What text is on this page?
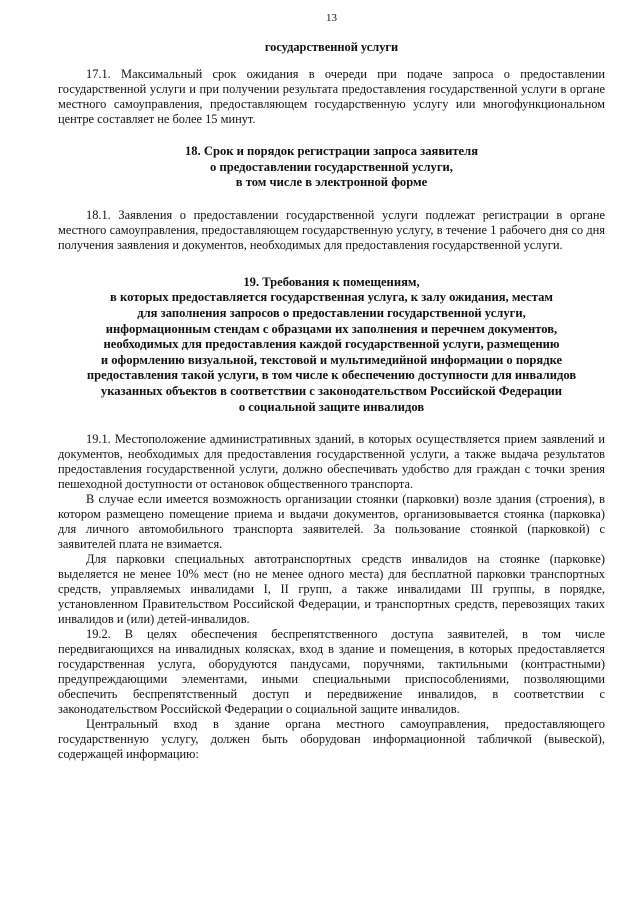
13
государственной услуги

17.1. Максимальный срок ожидания в очереди при подаче запроса о предоставлении государственной услуги и при получении результата предоставления государственной услуги в органе местного самоуправления, предоставляющем государственную услугу или многофункциональном центре составляет не более 15 минут.

18. Срок и порядок регистрации запроса заявителя
о предоставлении государственной услуги,
в том числе в электронной форме

18.1. Заявления о предоставлении государственной услуги подлежат регистрации в органе местного самоуправления, предоставляющем государственную услугу, в течение 1 рабочего дня со дня получения заявления и документов, необходимых для предоставления государственной услуги.

19. Требования к помещениям,
в которых предоставляется государственная услуга, к залу ожидания, местам
для заполнения запросов о предоставлении государственной услуги,
информационным стендам с образцами их заполнения и перечнем документов,
необходимых для предоставления каждой государственной услуги, размещению
и оформлению визуальной, текстовой и мультимедийной информации о порядке
предоставления такой услуги, в том числе к обеспечению доступности для инвалидов
указанных объектов в соответствии с законодательством Российской Федерации
о социальной защите инвалидов

19.1. Местоположение административных зданий, в которых осуществляется прием заявлений и документов, необходимых для предоставления государственной услуги, а также выдача результатов предоставления государственной услуги, должно обеспечивать удобство для граждан с точки зрения пешеходной доступности от остановок общественного транспорта.

В случае если имеется возможность организации стоянки (парковки) возле здания (строения), в котором размещено помещение приема и выдачи документов, организовывается стоянка (парковка) для личного автомобильного транспорта заявителей. За пользование стоянкой (парковкой) с заявителей плата не взимается.

Для парковки специальных автотранспортных средств инвалидов на стоянке (парковке) выделяется не менее 10% мест (но не менее одного места) для бесплатной парковки транспортных средств, управляемых инвалидами I, II групп, а также инвалидами III группы, в порядке, установленном Правительством Российской Федерации, и транспортных средств, перевозящих таких инвалидов и (или) детей-инвалидов.

19.2. В целях обеспечения беспрепятственного доступа заявителей, в том числе передвигающихся на инвалидных колясках, вход в здание и помещения, в которых предоставляется государственная услуга, оборудуются пандусами, поручнями, тактильными (контрастными) предупреждающими элементами, иными специальными приспособлениями, позволяющими обеспечить беспрепятственный доступ и передвижение инвалидов, в соответствии с законодательством Российской Федерации о социальной защите инвалидов.

Центральный вход в здание органа местного самоуправления, предоставляющего государственную услугу, должен быть оборудован информационной табличкой (вывеской), содержащей информацию:
